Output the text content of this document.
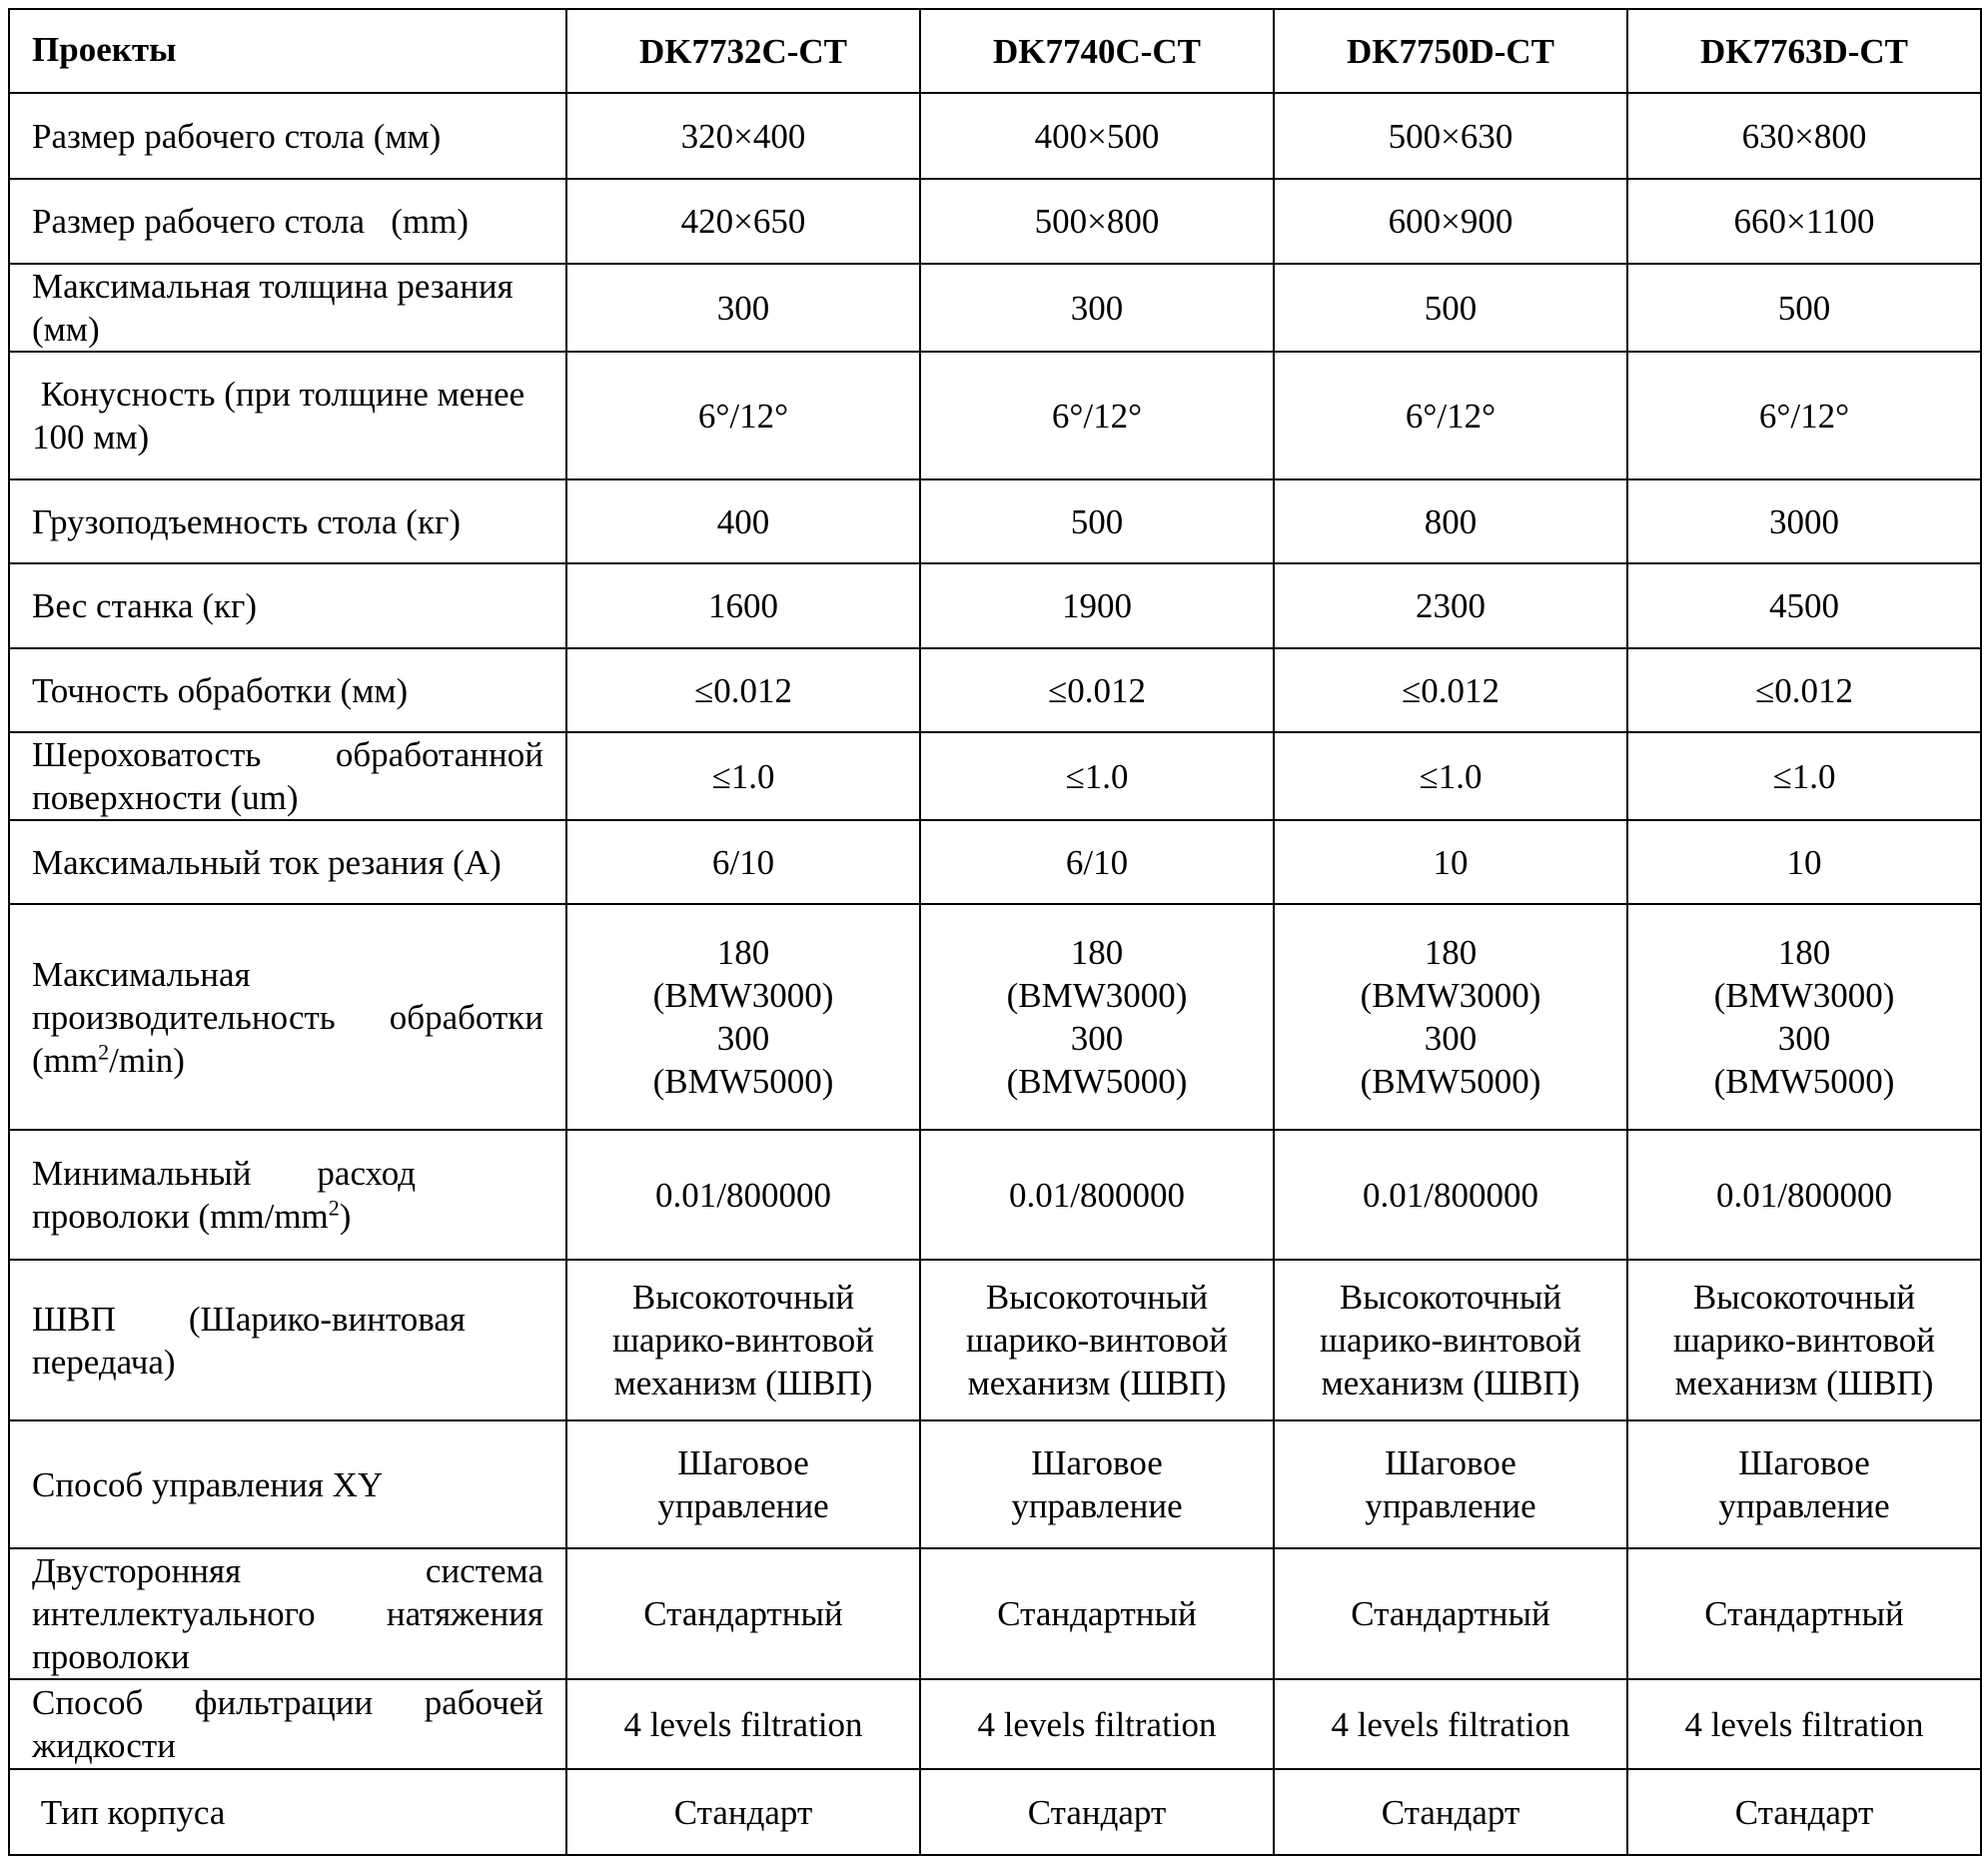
Проекты	DK7732C-CT	DK7740C-CT	DK7750D-CT	DK7763D-CT
Размер рабочего стола (мм)	320×400	400×500	500×630	630×800
Размер рабочего стола   (mm)	420×650	500×800	600×900	660×1100
Максимальная толщина резания (мм)	300	300	500	500
Конусность (при толщине менее 100 мм)	6°/12°	6°/12°	6°/12°	6°/12°
Грузоподъемность стола (кг)	400	500	800	3000
Вес станка (кг)	1600	1900	2300	4500
Точность обработки (мм)	≤0.012	≤0.012	≤0.012	≤0.012
Шероховатость обработанной поверхности (um)	≤1.0	≤1.0	≤1.0	≤1.0
Максимальный ток резания (A)	6/10	6/10	10	10
Максимальная производительность обработки $(mm^2/\min)$	180
(BMW3000)
300
(BMW5000)	180
(BMW3000)
300
(BMW5000)	180
(BMW3000)
300
(BMW5000)	180
(BMW3000)
300
(BMW5000)

Минимальный расход проволоки $(mm/mm^2)$	0.01/800000	0.01/800000	0.01/800000	0.01/800000
ШВП (Шарико-винтовая передача)	Высокоточный
шарико-винтовой
механизм (ШВП)	Высокоточный
шарико-винтовой
механизм (ШВП)	Высокоточный
шарико-винтовой
механизм (ШВП)	Высокоточный
шарико-винтовой
механизм (ШВП)

Способ управления XY	Шаговое
управление	Шаговое
управление	Шаговое
управление	Шаговое
управление

Двусторонняя система интеллектуального натяжения проволоки	Стандартный	Стандартный	Стандартный	Стандартный
Способ фильтрации рабочей жидкости	4 levels filtration	4 levels filtration	4 levels filtration	4 levels filtration
Тип корпуса	Стандарт	Стандарт	Стандарт	Стандарт
